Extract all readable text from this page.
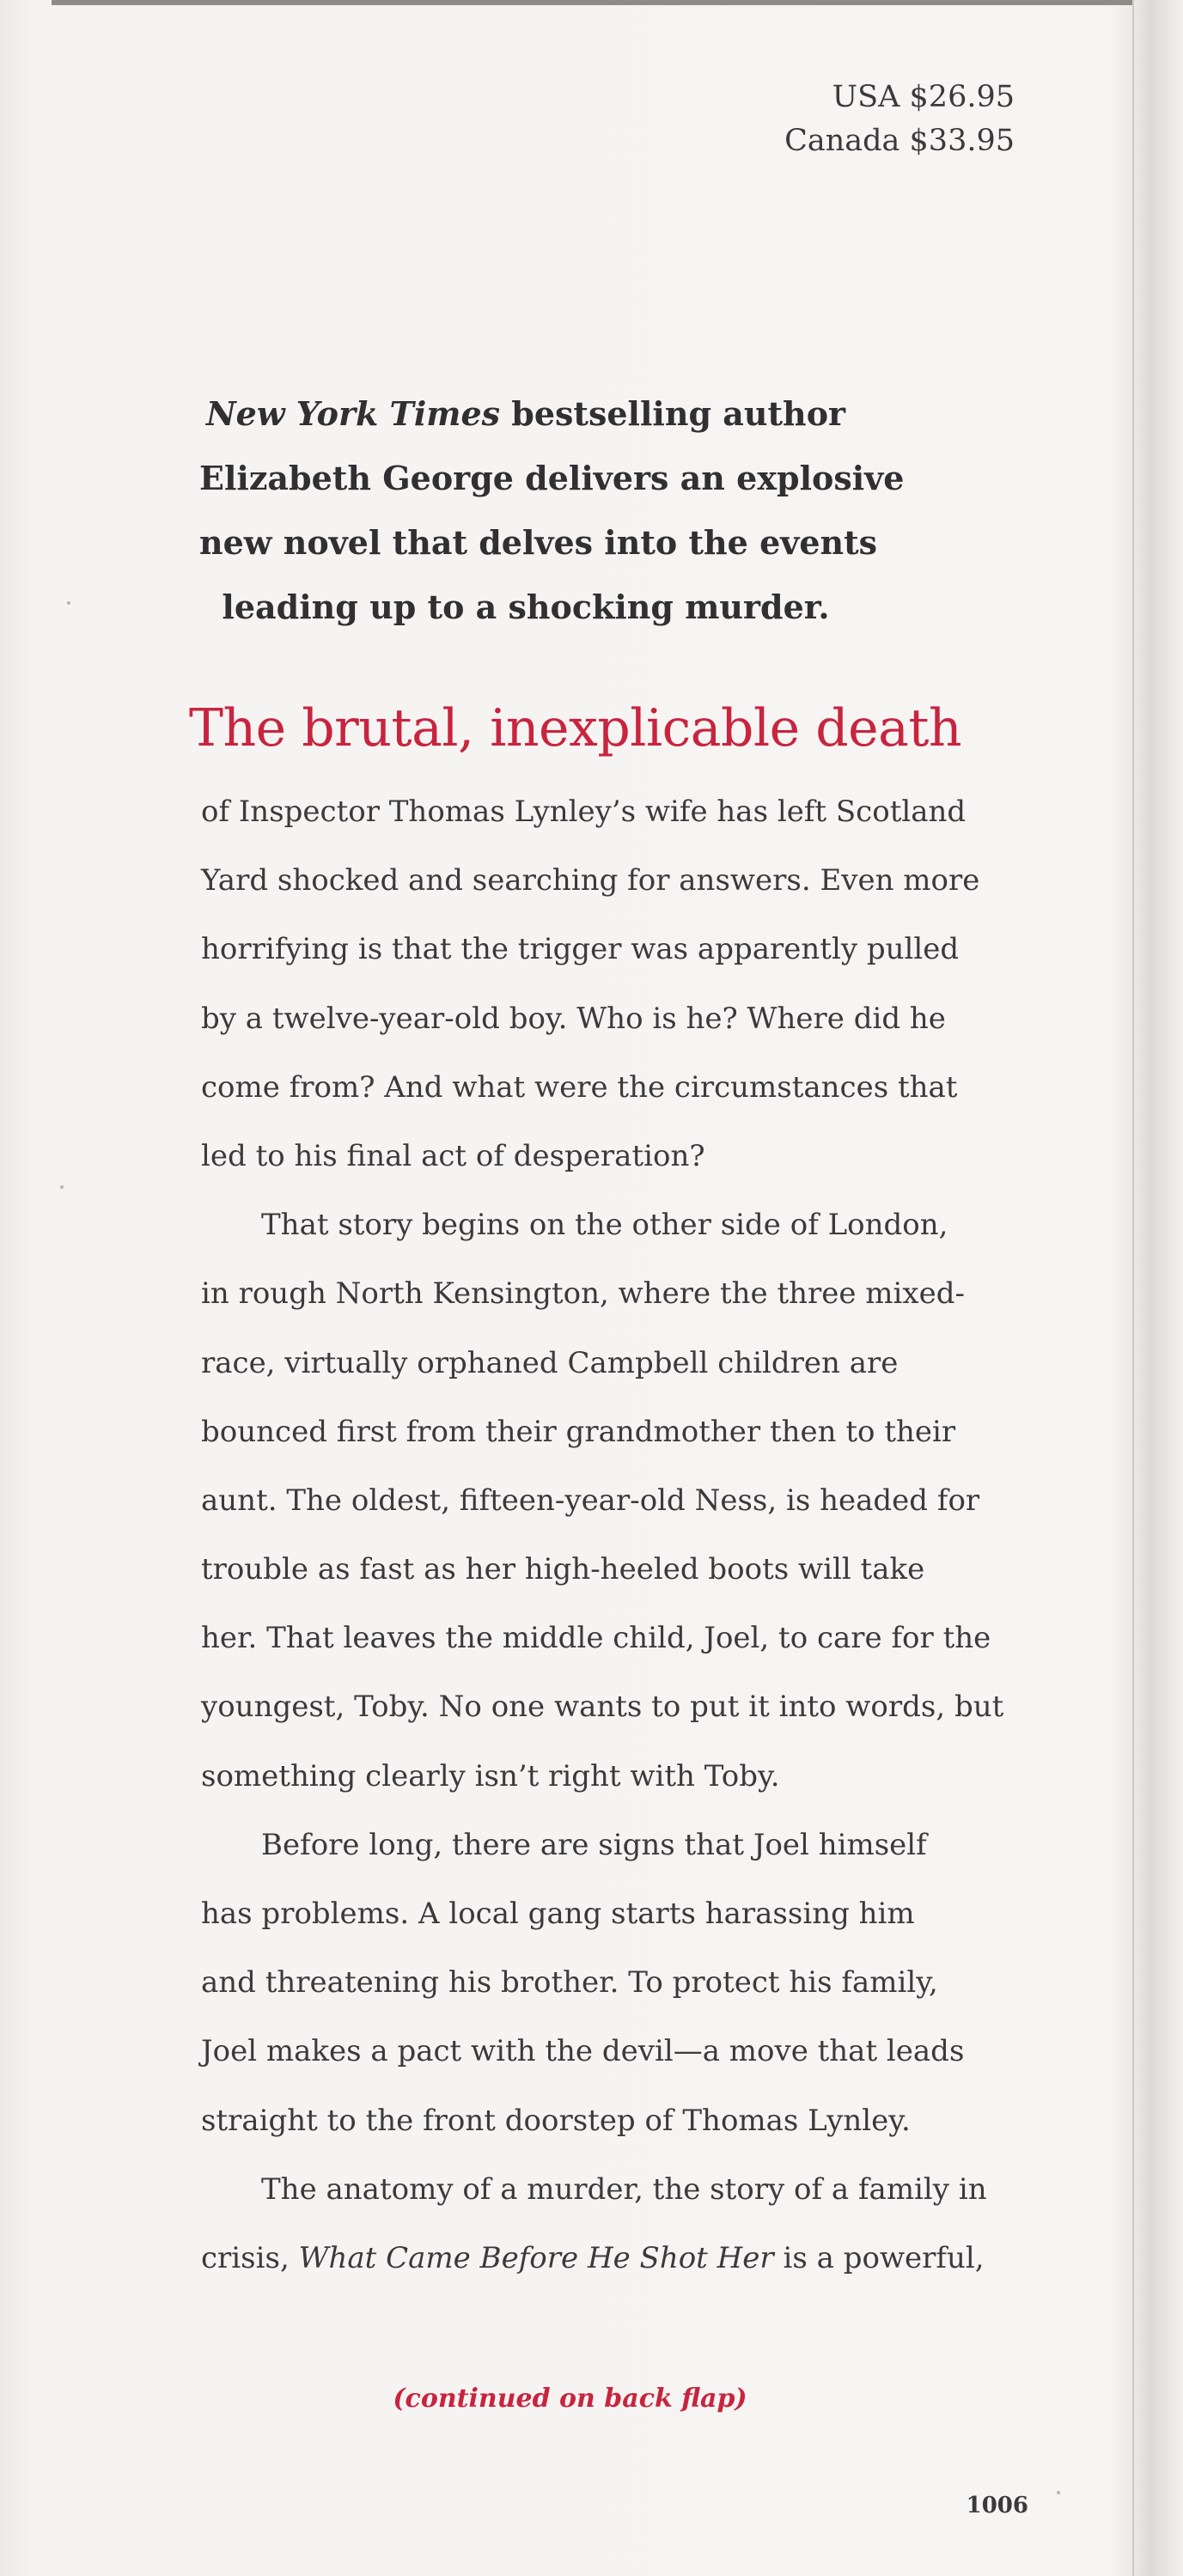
USA $26.95
Canada $33.95
New York Times bestselling author
Elizabeth George delivers an explosive
new novel that delves into the events
leading up to a shocking murder.
The brutal, inexplicable death
of Inspector Thomas Lynley’s wife has left Scotland
Yard shocked and searching for answers. Even more
horrifying is that the trigger was apparently pulled
by a twelve-year-old boy. Who is he? Where did he
come from? And what were the circumstances that
led to his final act of desperation?
That story begins on the other side of London,
in rough North Kensington, where the three mixed-
race, virtually orphaned Campbell children are
bounced first from their grandmother then to their
aunt. The oldest, fifteen-year-old Ness, is headed for
trouble as fast as her high-heeled boots will take
her. That leaves the middle child, Joel, to care for the
youngest, Toby. No one wants to put it into words, but
something clearly isn’t right with Toby.
Before long, there are signs that Joel himself
has problems. A local gang starts harassing him
and threatening his brother. To protect his family,
Joel makes a pact with the devil—a move that leads
straight to the front doorstep of Thomas Lynley.
The anatomy of a murder, the story of a family in
crisis, What Came Before He Shot Her is a powerful,
(continued on back flap)
1006
